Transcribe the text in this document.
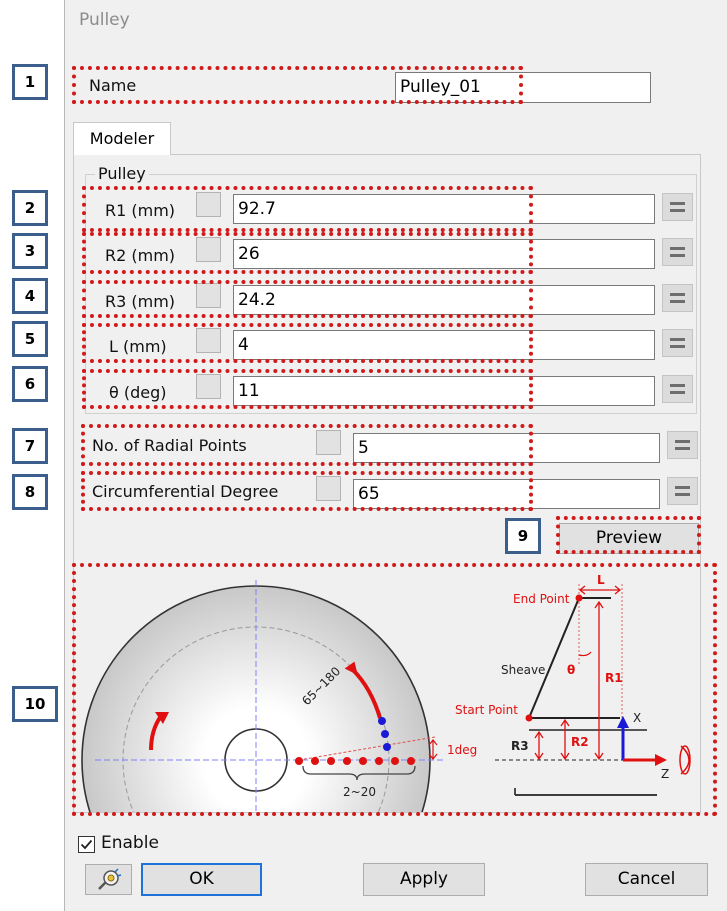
Pulley
Name	Pulley_01
Modeler
Pulley
R1 (mm)	92.7
R2 (mm)	26
R3 (mm)	24.2
L (mm)	4
θ (deg)	11
No. of Radial Points	5
Circumferential Degree	65
Preview
Enable
OK	Apply	Cancel
65~180
2~20
1deg
L
R1
R2
R3
θ
End Point
Start Point
Sheave
X
Z
1
2
3
4
5
6
7
8
9
10
